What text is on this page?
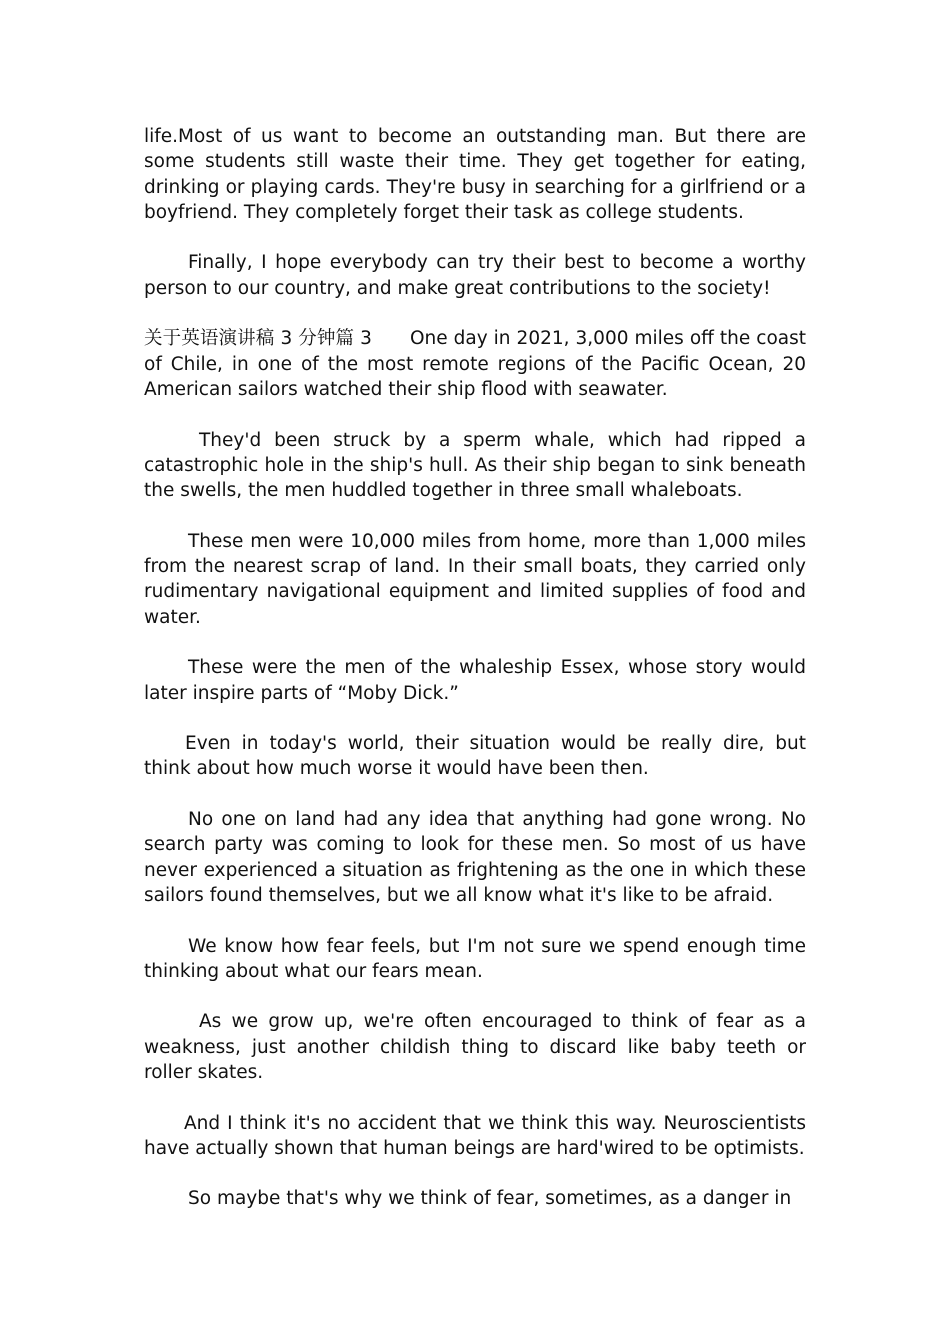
life.Most of us want to become an outstanding man. But there are some students still waste their time. They get together for eating, drinking or playing cards. They're busy in searching for a girlfriend or a boyfriend. They completely forget their task as college students.

Finally, I hope everybody can try their best to become a worthy person to our country, and make great contributions to the society!

关于英语演讲稿 3 分钟篇 3 One day in 2021, 3,000 miles off the coast of Chile, in one of the most remote regions of the Pacific Ocean, 20 American sailors watched their ship flood with seawater.

They'd been struck by a sperm whale, which had ripped a catastrophic hole in the ship's hull. As their ship began to sink beneath the swells, the men huddled together in three small whaleboats.

These men were 10,000 miles from home, more than 1,000 miles from the nearest scrap of land. In their small boats, they carried only rudimentary navigational equipment and limited supplies of food and water.

These were the men of the whaleship Essex, whose story would later inspire parts of “Moby Dick.”

Even in today's world, their situation would be really dire, but think about how much worse it would have been then.

No one on land had any idea that anything had gone wrong. No search party was coming to look for these men. So most of us have never experienced a situation as frightening as the one in which these sailors found themselves, but we all know what it's like to be afraid.

We know how fear feels, but I'm not sure we spend enough time thinking about what our fears mean.

As we grow up, we're often encouraged to think of fear as a weakness, just another childish thing to discard like baby teeth or roller skates.

And I think it's no accident that we think this way. Neuroscientists have actually shown that human beings are hard'wired to be optimists.

So maybe that's why we think of fear, sometimes, as a danger in
